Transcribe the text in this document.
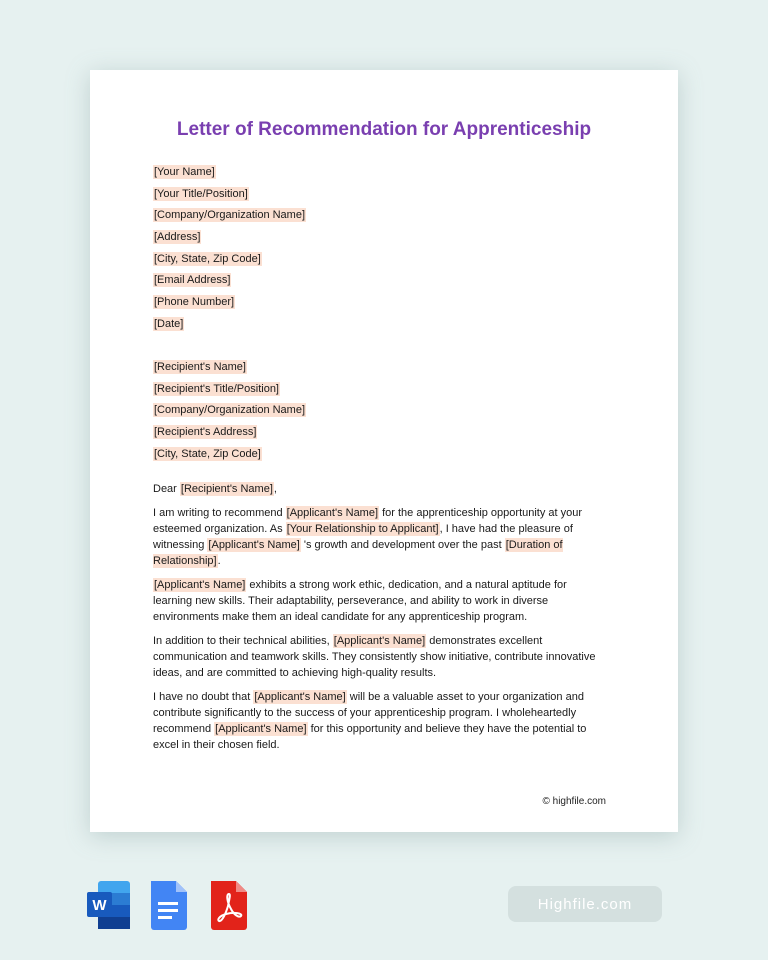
Letter of Recommendation for Apprenticeship
[Your Name]
[Your Title/Position]
[Company/Organization Name]
[Address]
[City, State, Zip Code]
[Email Address]
[Phone Number]
[Date]
[Recipient's Name]
[Recipient's Title/Position]
[Company/Organization Name]
[Recipient's Address]
[City, State, Zip Code]

Dear [Recipient's Name],

I am writing to recommend [Applicant's Name] for the apprenticeship opportunity at your esteemed organization. As [Your Relationship to Applicant], I have had the pleasure of witnessing [Applicant's Name] 's growth and development over the past [Duration of Relationship].

[Applicant's Name] exhibits a strong work ethic, dedication, and a natural aptitude for learning new skills. Their adaptability, perseverance, and ability to work in diverse environments make them an ideal candidate for any apprenticeship program.

In addition to their technical abilities, [Applicant's Name] demonstrates excellent communication and teamwork skills. They consistently show initiative, contribute innovative ideas, and are committed to achieving high-quality results.

I have no doubt that [Applicant's Name] will be a valuable asset to your organization and contribute significantly to the success of your apprenticeship program. I wholeheartedly recommend [Applicant's Name] for this opportunity and believe they have the potential to excel in their chosen field.

© highfile.com
W	Highfile.com
